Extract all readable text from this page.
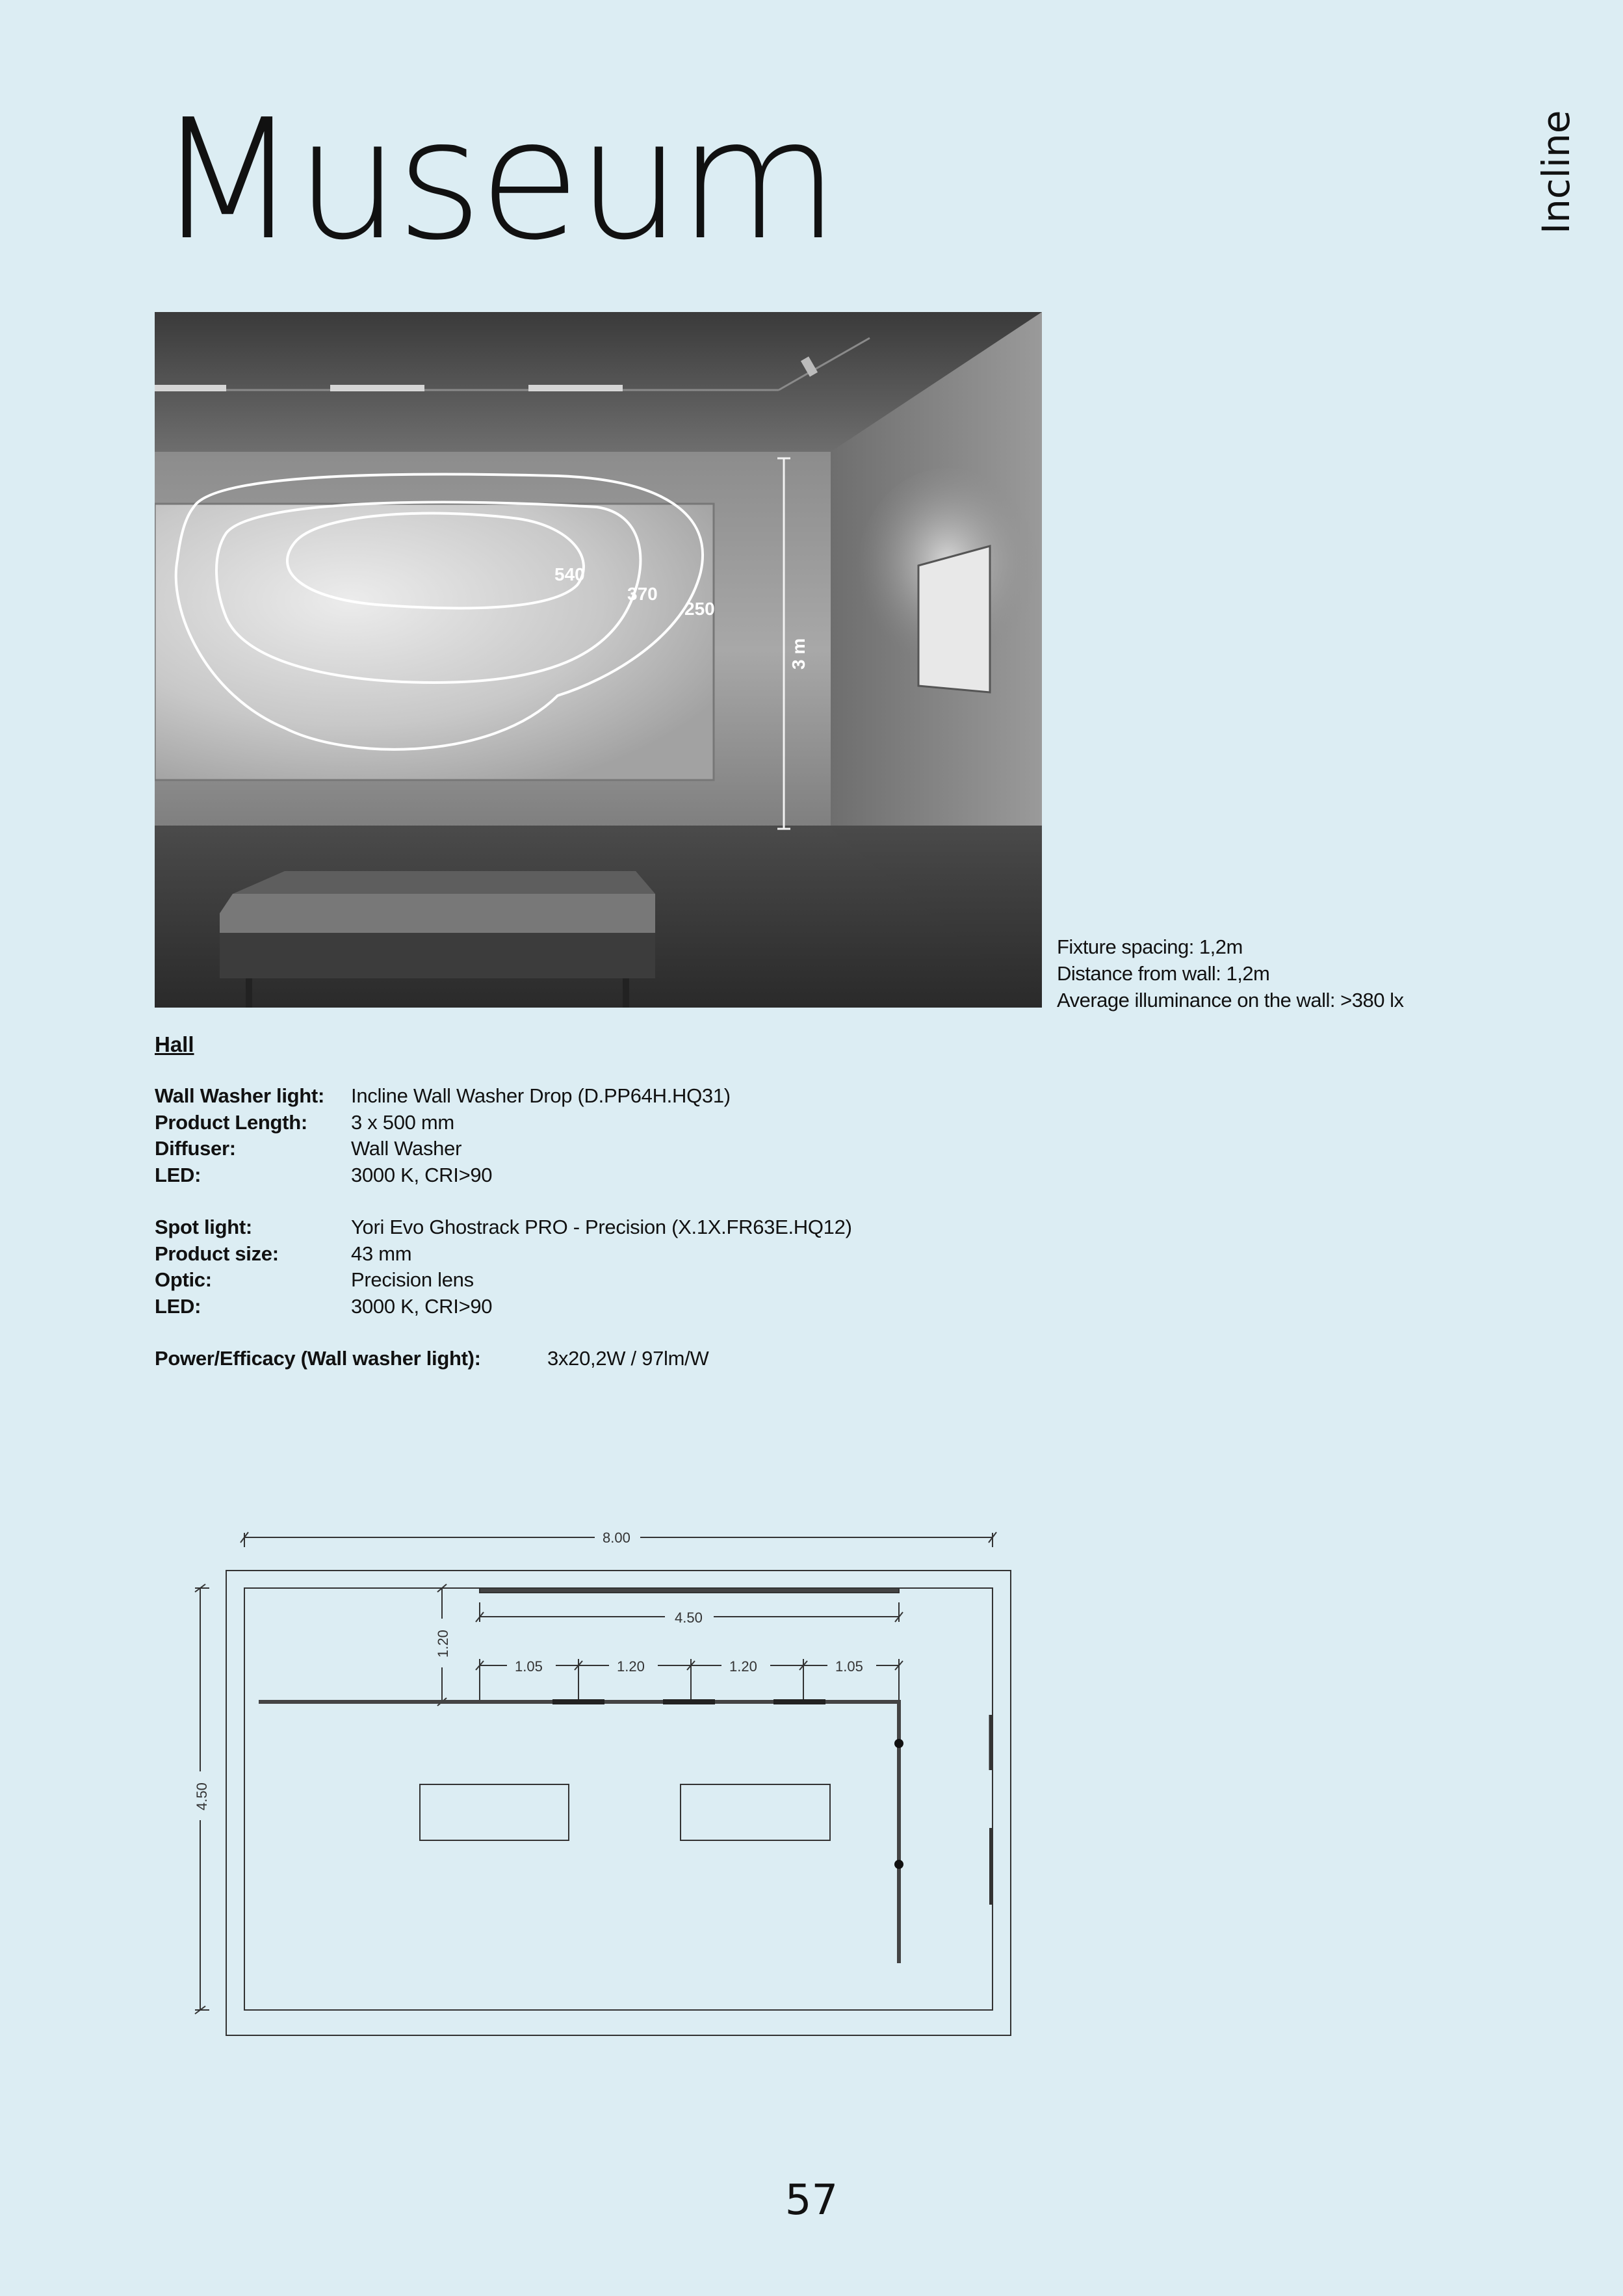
Museum	Incline
540
370
250
3 m
Fixture spacing: 1,2m
Distance from wall: 1,2m
Average illuminance on the wall: >380 lx
Hall
Wall Washer light:	Incline Wall Washer Drop (D.PP64H.HQ31)
Product Length:	3 x 500 mm
Diffuser:	Wall Washer
LED:	3000 K, CRI>90
Spot light:	Yori Evo Ghostrack PRO - Precision (X.1X.FR63E.HQ12)
Product size:	43 mm
Optic:	Precision lens
LED:	3000 K, CRI>90
Power/Efficacy (Wall washer light):	3x20,2W / 97lm/W
8.00
4.50
1.05	1.20	1.20	1.05
4.50
1.20
57
